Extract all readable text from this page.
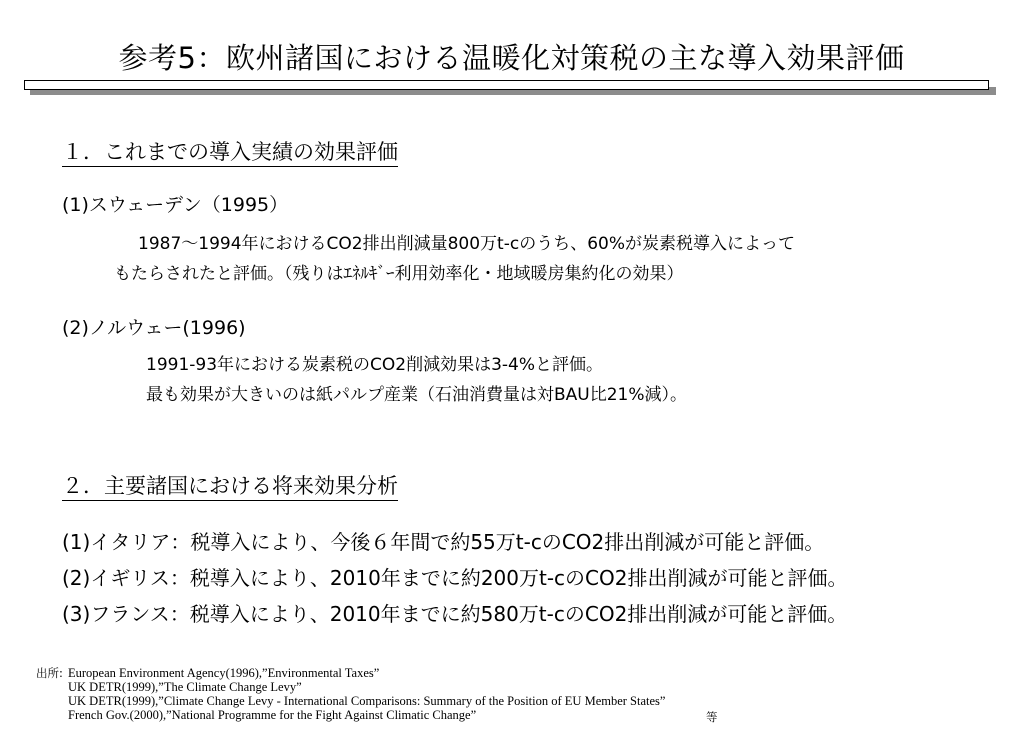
参考5：欧州諸国における温暖化対策税の主な導入効果評価
１．これまでの導入実績の効果評価
(1)スウェーデン（1995）
1987～1994年におけるCO2排出削減量800万t-cのうち、60%が炭素税導入によって
もたらされたと評価。（残りはｴﾈﾙｷﾞｰ利用効率化・地域暖房集約化の効果）
(2)ノルウェー(1996)
1991-93年における炭素税のCO2削減効果は3-4%と評価。
最も効果が大きいのは紙パルプ産業（石油消費量は対BAU比21%減）。
２．主要諸国における将来効果分析
(1)イタリア：税導入により、今後６年間で約55万t-cのCO2排出削減が可能と評価。
(2)イギリス：税導入により、2010年までに約200万t-cのCO2排出削減が可能と評価。
(3)フランス：税導入により、2010年までに約580万t-cのCO2排出削減が可能と評価。
出所: European Environment Agency(1996),”Environmental Taxes”
UK DETR(1999),”The Climate Change Levy”
UK DETR(1999),”Climate Change Levy - International Comparisons: Summary of the Position of EU Member States”
French Gov.(2000),”National Programme for the Fight Against Climatic Change”	等
